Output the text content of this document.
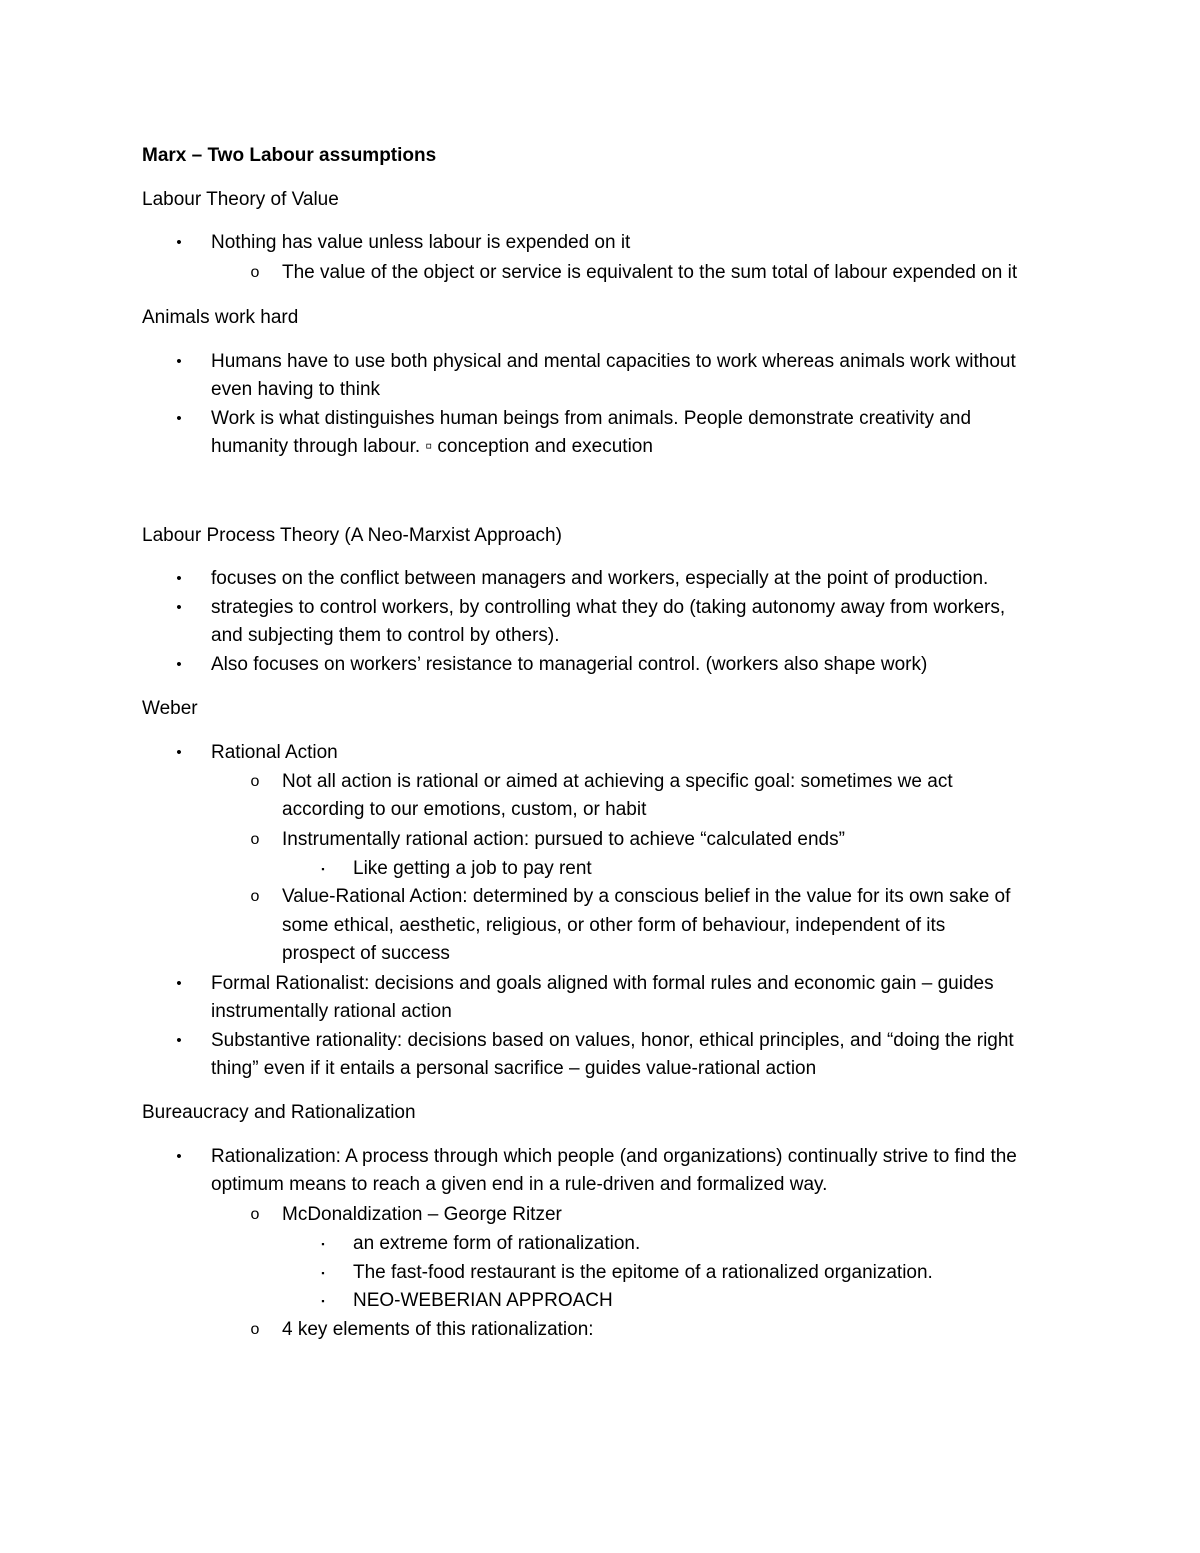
Marx – Two Labour assumptions
Labour Theory of Value
•	Nothing has value unless labour is expended on it
o	The value of the object or service is equivalent to the sum total of labour expended on it
Animals work hard
•	Humans have to use both physical and mental capacities to work whereas animals work without
even having to think
•	Work is what distinguishes human beings from animals. People demonstrate creativity and
humanity through labour. ▫ conception and execution
Labour Process Theory (A Neo-Marxist Approach)
•	focuses on the conflict between managers and workers, especially at the point of production.
•	strategies to control workers, by controlling what they do (taking autonomy away from workers,
and subjecting them to control by others).
•	Also focuses on workers’ resistance to managerial control. (workers also shape work)
Weber
•	Rational Action
o	Not all action is rational or aimed at achieving a specific goal: sometimes we act
according to our emotions, custom, or habit
o	Instrumentally rational action: pursued to achieve “calculated ends”
▪	Like getting a job to pay rent
o	Value-Rational Action: determined by a conscious belief in the value for its own sake of
some ethical, aesthetic, religious, or other form of behaviour, independent of its
prospect of success
•	Formal Rationalist: decisions and goals aligned with formal rules and economic gain – guides
instrumentally rational action
•	Substantive rationality: decisions based on values, honor, ethical principles, and “doing the right
thing” even if it entails a personal sacrifice – guides value-rational action
Bureaucracy and Rationalization
•	Rationalization: A process through which people (and organizations) continually strive to find the
optimum means to reach a given end in a rule-driven and formalized way.
o	McDonaldization – George Ritzer
▪	an extreme form of rationalization.
▪	The fast-food restaurant is the epitome of a rationalized organization.
▪	NEO-WEBERIAN APPROACH
o	4 key elements of this rationalization:
